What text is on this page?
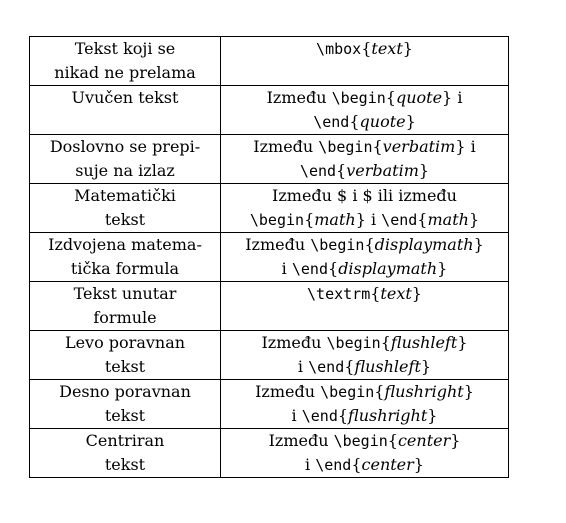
Tekst koji se
nikad ne prelama	\mbox{text}

Uvučen tekst	Između \begin{quote} i
\end{quote}

Doslovno se prepi-
suje na izlaz	Između \begin{verbatim} i
\end{verbatim}

Matematički
tekst	Između $ i $ ili između
\begin{math} i \end{math}

Izdvojena matema-
tička formula	Između \begin{displaymath}
i \end{displaymath}

Tekst unutar
formule	\textrm{text}

Levo poravnan
tekst	Između \begin{flushleft}
i \end{flushleft}

Desno poravnan
tekst	Između \begin{flushright}
i \end{flushright}

Centriran
tekst	Između \begin{center}
i \end{center}
